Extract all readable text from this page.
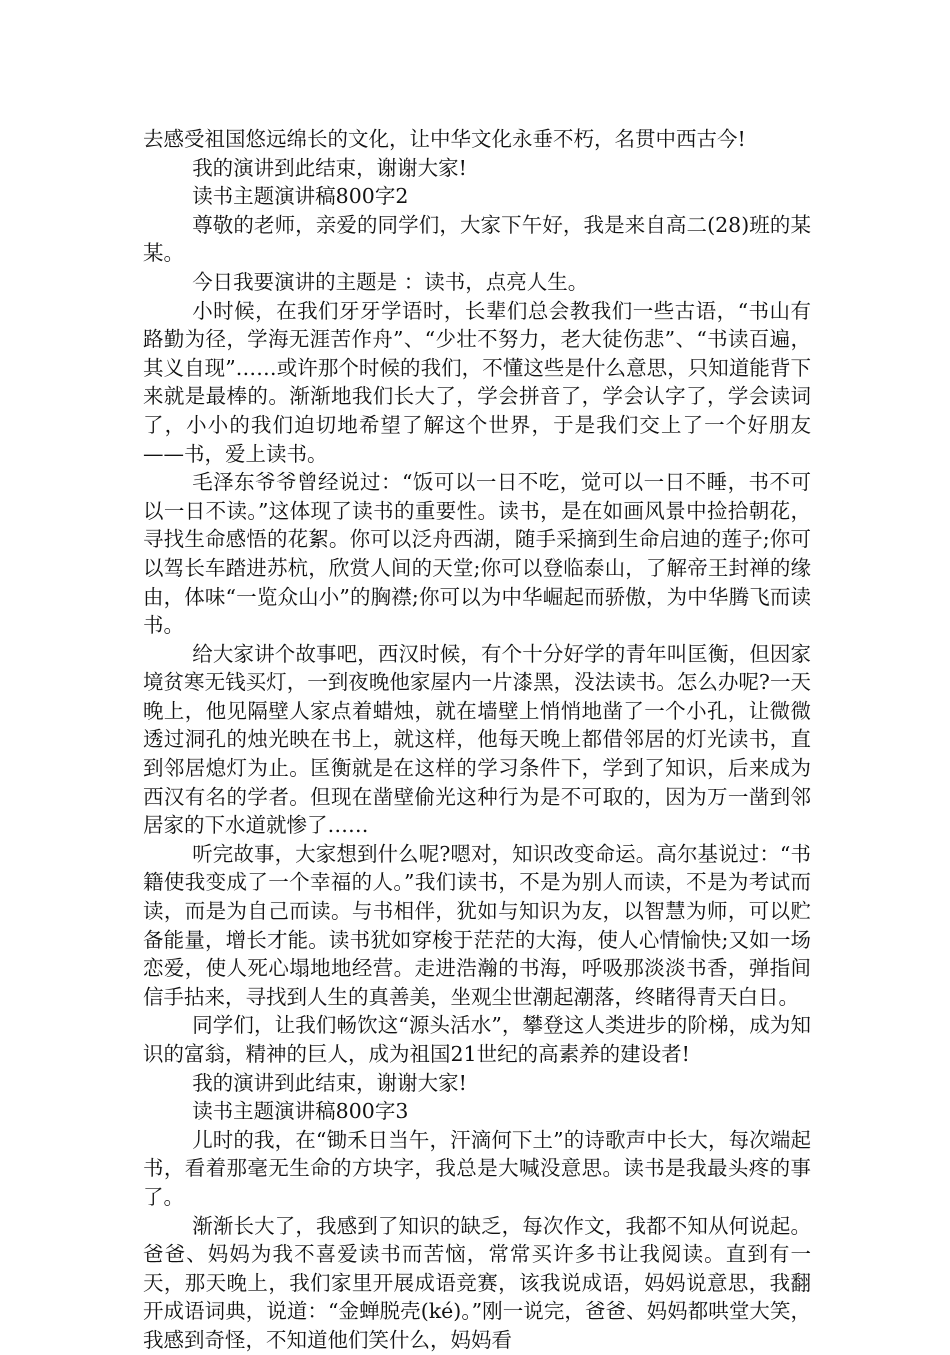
去感受祖国悠远绵长的文化，让中华文化永垂不朽，名贯中西古今!

我的演讲到此结束，谢谢大家!

读书主题演讲稿800字2

尊敬的老师，亲爱的同学们，大家下午好，我是来自高二(28)班的某某。

今日我要演讲的主题是 ：读书，点亮人生。

小时候，在我们牙牙学语时，长辈们总会教我们一些古语，“书山有路勤为径，学海无涯苦作舟”、“少壮不努力，老大徒伤悲”、“书读百遍，其义自现”……或许那个时候的我们，不懂这些是什么意思，只知道能背下来就是最棒的。渐渐地我们长大了，学会拼音了，学会认字了，学会读词了，小小的我们迫切地希望了解这个世界，于是我们交上了一个好朋友——书，爱上读书。

毛泽东爷爷曾经说过：“饭可以一日不吃，觉可以一日不睡，书不可以一日不读。”这体现了读书的重要性。读书，是在如画风景中捡拾朝花，寻找生命感悟的花絮。你可以泛舟西湖，随手采摘到生命启迪的莲子;你可以驾长车踏进苏杭，欣赏人间的天堂;你可以登临泰山，了解帝王封禅的缘由，体味“一览众山小”的胸襟;你可以为中华崛起而骄傲，为中华腾飞而读书。

给大家讲个故事吧，西汉时候，有个十分好学的青年叫匡衡，但因家境贫寒无钱买灯，一到夜晚他家屋内一片漆黑，没法读书。怎么办呢?一天晚上，他见隔壁人家点着蜡烛，就在墙壁上悄悄地凿了一个小孔，让微微透过洞孔的烛光映在书上，就这样，他每天晚上都借邻居的灯光读书，直到邻居熄灯为止。匡衡就是在这样的学习条件下，学到了知识，后来成为西汉有名的学者。但现在凿壁偷光这种行为是不可取的，因为万一凿到邻居家的下水道就惨了……

听完故事，大家想到什么呢?嗯对，知识改变命运。高尔基说过：“书籍使我变成了一个幸福的人。”我们读书，不是为别人而读，不是为考试而读，而是为自己而读。与书相伴，犹如与知识为友，以智慧为师，可以贮备能量，增长才能。读书犹如穿梭于茫茫的大海，使人心情愉快;又如一场恋爱，使人死心塌地地经营。走进浩瀚的书海，呼吸那淡淡书香，弹指间信手拈来，寻找到人生的真善美，坐观尘世潮起潮落，终睹得青天白日。

同学们，让我们畅饮这“源头活水”，攀登这人类进步的阶梯，成为知识的富翁，精神的巨人，成为祖国21世纪的高素养的建设者!

我的演讲到此结束，谢谢大家!

读书主题演讲稿800字3

儿时的我，在“锄禾日当午，汗滴何下土”的诗歌声中长大，每次端起书，看着那毫无生命的方块字，我总是大喊没意思。读书是我最头疼的事了。

渐渐长大了，我感到了知识的缺乏，每次作文，我都不知从何说起。爸爸、妈妈为我不喜爱读书而苦恼，常常买许多书让我阅读。直到有一天，那天晚上，我们家里开展成语竞赛，该我说成语，妈妈说意思，我翻开成语词典，说道：“金蝉脱壳(ké)。”刚一说完，爸爸、妈妈都哄堂大笑，我感到奇怪，不知道他们笑什么，妈妈看
